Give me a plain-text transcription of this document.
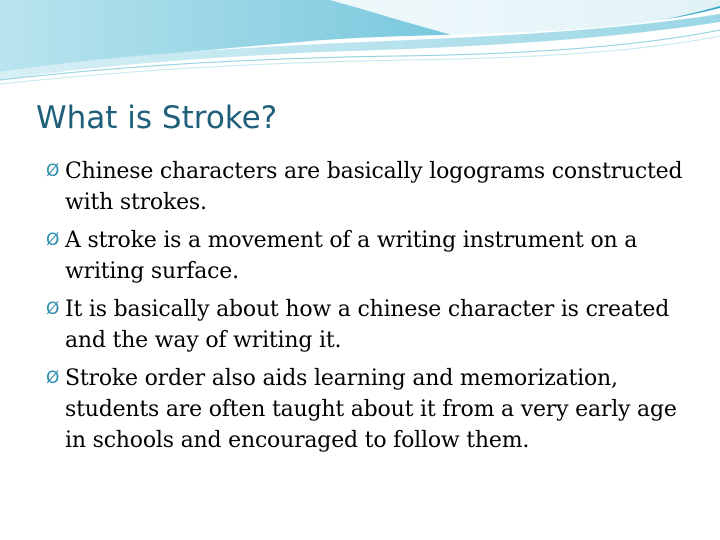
What is Stroke?
Ø Chinese characters are basically logograms constructed with strokes.
Ø A stroke is a movement of a writing instrument on a writing surface.
Ø It is basically about how a chinese character is created and the way of writing it.
Ø Stroke order also aids learning and memorization, students are often taught about it from a very early age in schools and encouraged to follow them.
